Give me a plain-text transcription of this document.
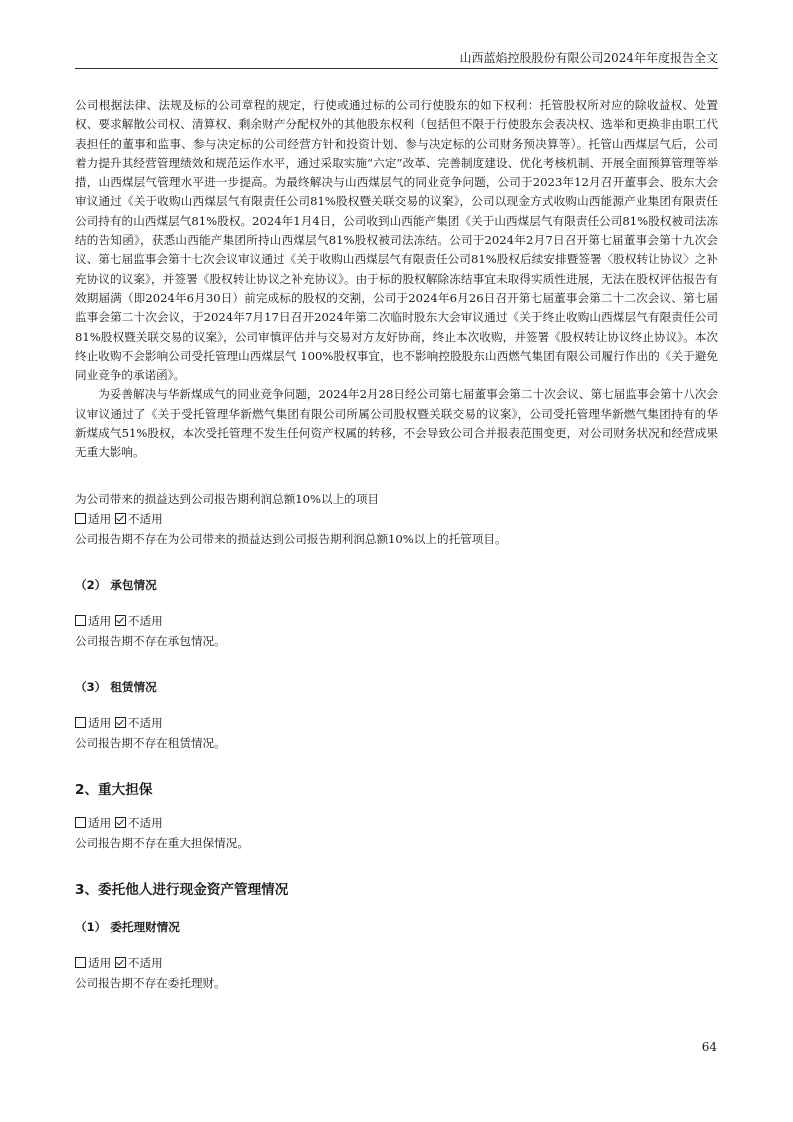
山西蓝焰控股股份有限公司2024年年度报告全文

公司根据法律、法规及标的公司章程的规定，行使或通过标的公司行使股东的如下权利：托管股权所对应的除收益权、处置权、要求解散公司权、清算权、剩余财产分配权外的其他股东权利（包括但不限于行使股东会表决权、选举和更换非由职工代表担任的董事和监事、参与决定标的公司经营方针和投资计划、参与决定标的公司财务预决算等）。托管山西煤层气后，公司着力提升其经营管理绩效和规范运作水平，通过采取实施“六定”改革、完善制度建设、优化考核机制、开展全面预算管理等举措，山西煤层气管理水平进一步提高。为最终解决与山西煤层气的同业竞争问题，公司于2023年12月召开董事会、股东大会审议通过《关于收购山西煤层气有限责任公司81%股权暨关联交易的议案》，公司以现金方式收购山西能源产业集团有限责任公司持有的山西煤层气81%股权。2024年1月4日，公司收到山西能产集团《关于山西煤层气有限责任公司81%股权被司法冻结的告知函》，获悉山西能产集团所持山西煤层气81%股权被司法冻结。公司于2024年2月7日召开第七届董事会第十九次会议、第七届监事会第十七次会议审议通过《关于收购山西煤层气有限责任公司81%股权后续安排暨签署〈股权转让协议〉之补充协议的议案》，并签署《股权转让协议之补充协议》。由于标的股权解除冻结事宜未取得实质性进展，无法在股权评估报告有效期届满（即2024年6月30日）前完成标的股权的交割，公司于2024年6月26日召开第七届董事会第二十二次会议、第七届监事会第二十次会议，于2024年7月17日召开2024年第二次临时股东大会审议通过《关于终止收购山西煤层气有限责任公司81%股权暨关联交易的议案》，公司审慎评估并与交易对方友好协商，终止本次收购，并签署《股权转让协议终止协议》。本次终止收购不会影响公司受托管理山西煤层气 100%股权事宜，也不影响控股股东山西燃气集团有限公司履行作出的《关于避免同业竞争的承诺函》。

为妥善解决与华新煤成气的同业竞争问题，2024年2月28日经公司第七届董事会第二十次会议、第七届监事会第十八次会议审议通过了《关于受托管理华新燃气集团有限公司所属公司股权暨关联交易的议案》，公司受托管理华新燃气集团持有的华新煤成气51%股权，本次受托管理不发生任何资产权属的转移，不会导致公司合并报表范围变更，对公司财务状况和经营成果无重大影响。

为公司带来的损益达到公司报告期利润总额10%以上的项目

适用 不适用

公司报告期不存在为公司带来的损益达到公司报告期利润总额10%以上的托管项目。

（2） 承包情况

适用 不适用

公司报告期不存在承包情况。

（3） 租赁情况

适用 不适用

公司报告期不存在租赁情况。

2、重大担保

适用 不适用

公司报告期不存在重大担保情况。

3、委托他人进行现金资产管理情况

（1） 委托理财情况

适用 不适用

公司报告期不存在委托理财。

64
